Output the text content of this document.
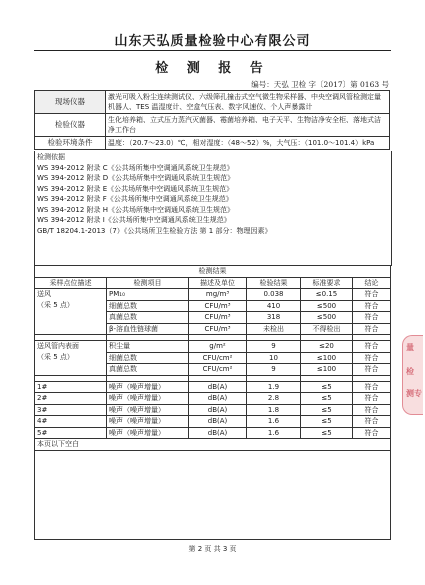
山东天弘质量检验中心有限公司
检 测 报 告
编号：天弘 卫检 字〔2017〕第 0163 号
现场仪器	激光可吸入粉尘连续测试仪、六级筛孔撞击式空气微生物采样器、中央空调风管检测定量机器人、TES 温湿度计、空盒气压表、数字风速仪、个人声暴露计
检验仪器	生化培养箱、立式压力蒸汽灭菌器、霉菌培养箱、电子天平、生物洁净安全柜、落地式洁净工作台
检验环境条件	温度：（20.7～23.0）℃，相对湿度：（48～52）%，大气压：（101.0～101.4）kPa
检测依据
WS 394-2012 附录 C《公共场所集中空调通风系统卫生规范》
WS 394-2012 附录 D《公共场所集中空调通风系统卫生规范》
WS 394-2012 附录 E《公共场所集中空调通风系统卫生规范》
WS 394-2012 附录 F《公共场所集中空调通风系统卫生规范》
WS 394-2012 附录 H《公共场所集中空调通风系统卫生规范》
WS 394-2012 附录 I《公共场所集中空调通风系统卫生规范》
GB/T 18204.1-2013（7）《公共场所卫生检验方法 第 1 部分：物理因素》
检测结果					
采样点位描述	检测项目	描述及单位	检验结果	标准要求	结论

送风
（采 5 点）	PM₁₀	mg/m³	0.038	≤0.15	符合
	细菌总数	CFU/m³	410	≤500	符合
	真菌总数	CFU/m³	318	≤500	符合
	β-溶血性链球菌	CFU/m³	未检出	不得检出	符合

送风管内表面
（采 5 点）	积尘量	g/m²	9	≤20	符合
	细菌总数	CFU/cm²	10	≤100	符合
	真菌总数	CFU/cm²	9	≤100	符合

1#	噪声（噪声增量）	dB(A)	1.9	≤5	符合
2#	噪声（噪声增量）	dB(A)	2.8	≤5	符合
3#	噪声（噪声增量）	dB(A)	1.8	≤5	符合
4#	噪声（噪声增量）	dB(A)	1.6	≤5	符合
5#	噪声（噪声增量）	dB(A)	1.6	≤5	符合
本页以下空白					

第 2 页 共 3 页
量
检
测专
